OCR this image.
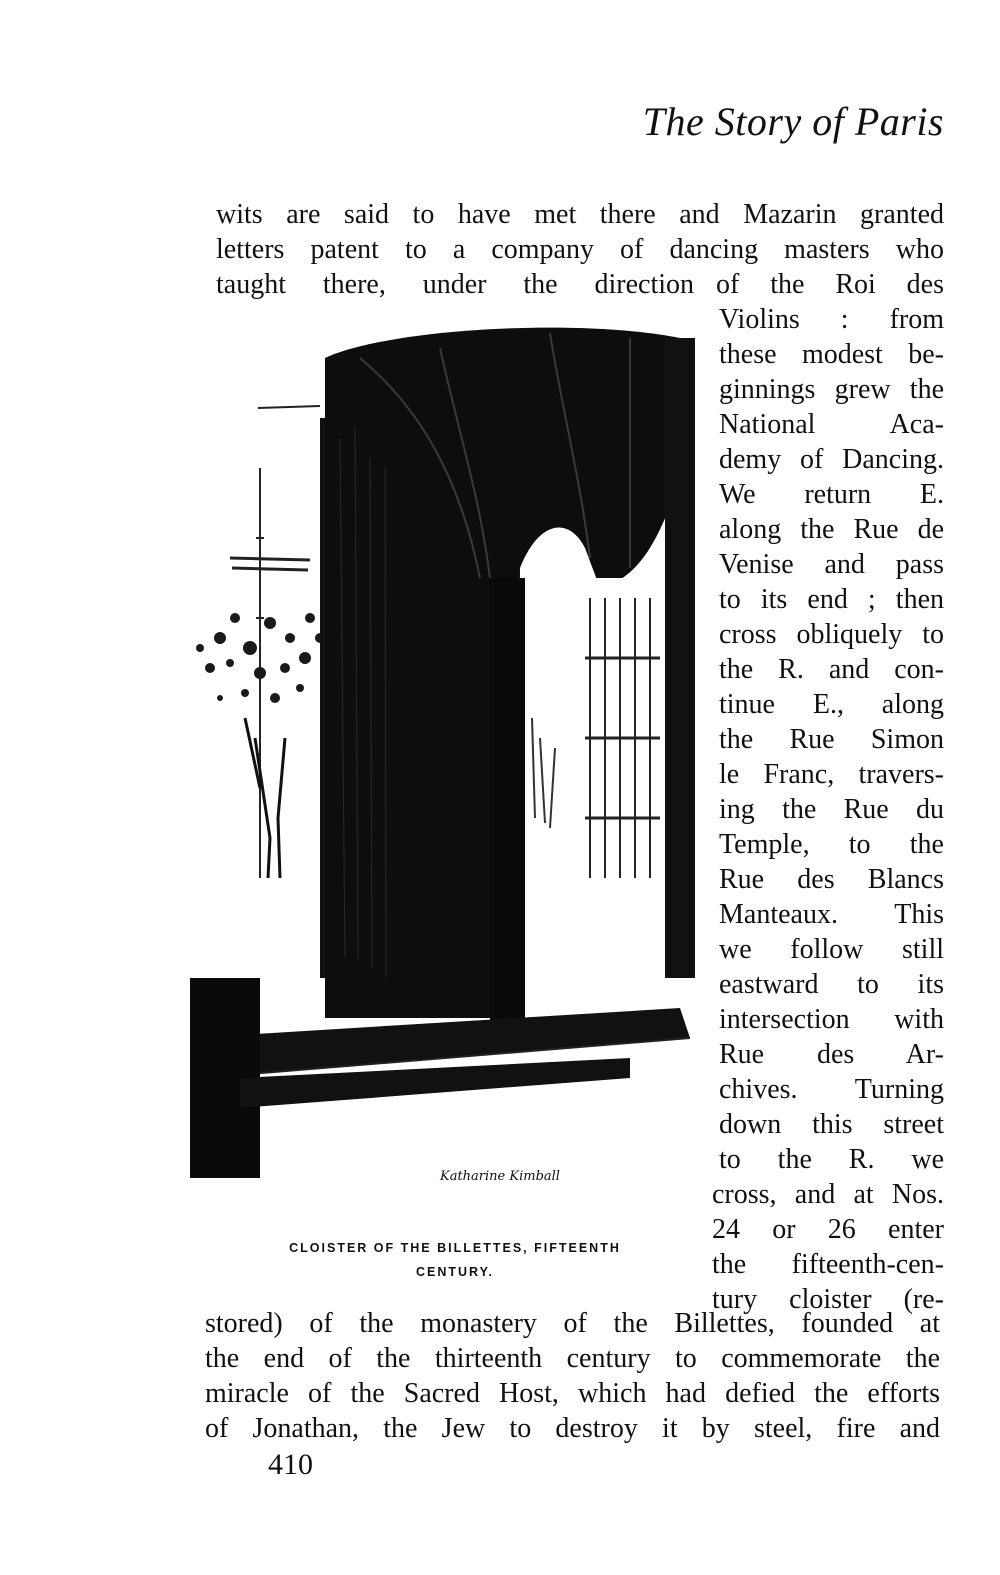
The Story of Paris
wits are said to have met there and Mazarin granted
letters patent to a company of dancing masters who
taught there, under the direction of the Roi des
Violins : from
these modest be-
ginnings grew the
National Aca-
demy of Dancing.
We return E.
along the Rue de
Venise and pass
to its end ; then
cross obliquely to
the R. and con-
tinue E., along
the Rue Simon
le Franc, travers-
ing the Rue du
Temple, to the
Rue des Blancs
Manteaux. This
we follow still
eastward to its
intersection with
Rue des Ar-
chives. Turning
down this street
to the R. we
cross, and at Nos.
24 or 26 enter
the fifteenth-cen-
tury cloister (re-
Katharine Kimball
CLOISTER OF THE BILLETTES, FIFTEENTH
CENTURY.
stored) of the monastery of the Billettes, founded at
the end of the thirteenth century to commemorate the
miracle of the Sacred Host, which had defied the efforts
of Jonathan, the Jew to destroy it by steel, fire and
410
